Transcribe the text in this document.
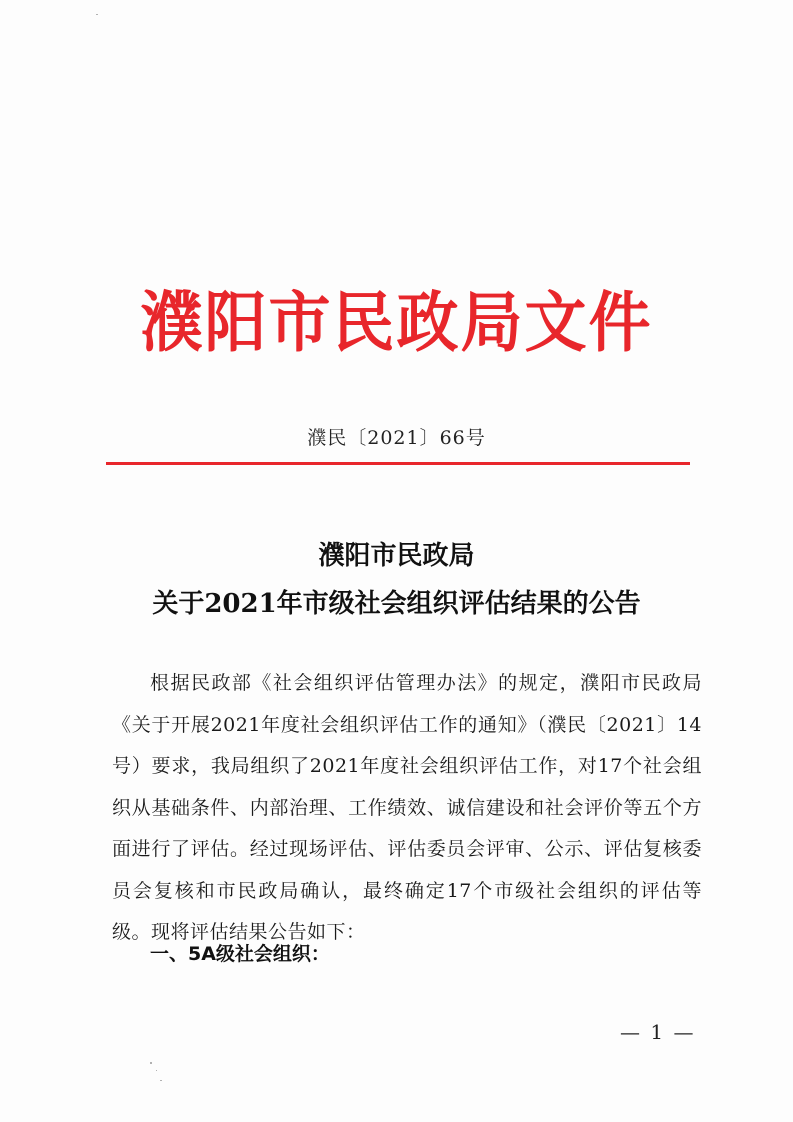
濮阳市民政局文件
濮民〔2021〕66号
濮阳市民政局
关于2021年市级社会组织评估结果的公告
根据民政部《社会组织评估管理办法》的规定，濮阳市民政局《关于开展2021年度社会组织评估工作的通知》（濮民〔2021〕14号）要求，我局组织了2021年度社会组织评估工作，对17个社会组织从基础条件、内部治理、工作绩效、诚信建设和社会评价等五个方面进行了评估。经过现场评估、评估委员会评审、公示、评估复核委员会复核和市民政局确认，最终确定17个市级社会组织的评估等级。现将评估结果公告如下：
一、5A级社会组织：
— 1 —
